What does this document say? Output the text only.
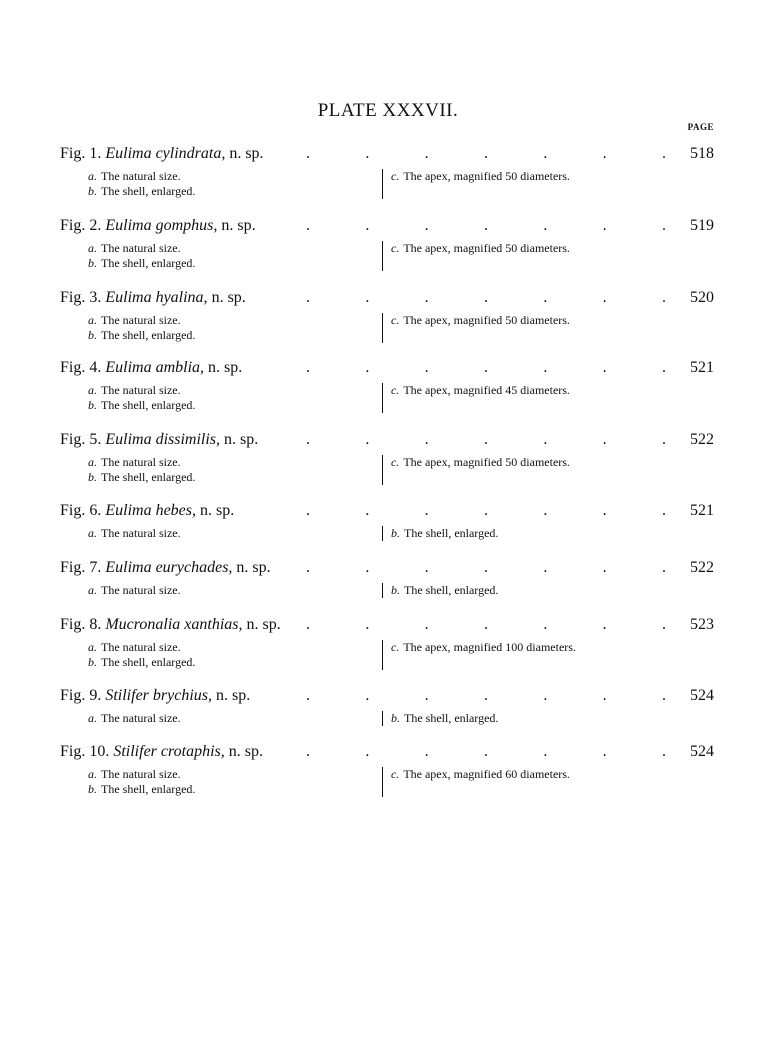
PLATE XXXVII.
PAGE
Fig. 1. Eulima cylindrata, n. sp.	.	.	.	.	.	.	. 518
a. The natural size.
b. The shell, enlarged.
c. The apex, magnified 50 diameters.
Fig. 2. Eulima gomphus, n. sp.	.	.	.	.	.	.	. 519
a. The natural size.
b. The shell, enlarged.
c. The apex, magnified 50 diameters.
Fig. 3. Eulima hyalina, n. sp.	.	.	.	.	.	.	. 520
a. The natural size.
b. The shell, enlarged.
c. The apex, magnified 50 diameters.
Fig. 4. Eulima amblia, n. sp.	.	.	.	.	.	.	. 521
a. The natural size.
b. The shell, enlarged.
c. The apex, magnified 45 diameters.
Fig. 5. Eulima dissimilis, n. sp.	.	.	.	.	.	.	. 522
a. The natural size.
b. The shell, enlarged.
c. The apex, magnified 50 diameters.
Fig. 6. Eulima hebes, n. sp.	.	.	.	.	.	.	. 521
a. The natural size.	b. The shell, enlarged.
Fig. 7. Eulima eurychades, n. sp. .	.	.	.	.	.	. 522
a. The natural size.	b. The shell, enlarged.
Fig. 8. Mucronalia xanthias, n. sp. .	.	.	.	.	.	. 523
a. The natural size.
b. The shell, enlarged.
c. The apex, magnified 100 diameters.
Fig. 9. Stilifer brychius, n. sp.	.	.	.	.	.	.	. 524
a. The natural size.	b. The shell, enlarged.
Fig. 10. Stilifer crotaphis, n. sp.	.	.	.	.	.	.	. 524
a. The natural size.
b. The shell, enlarged.
c. The apex, magnified 60 diameters.
